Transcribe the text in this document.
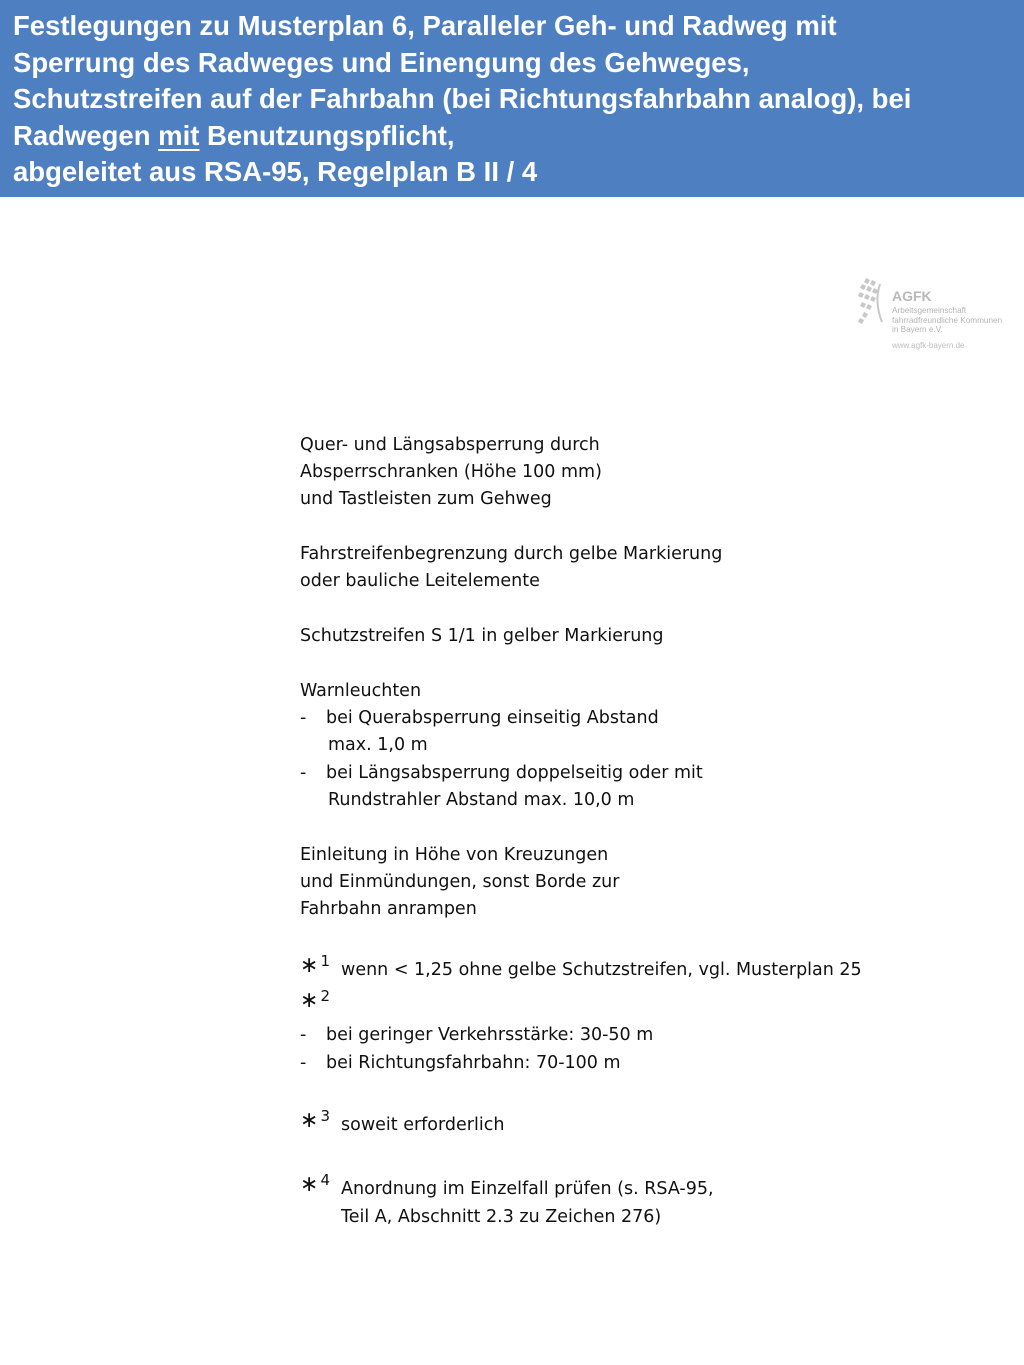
Festlegungen zu Musterplan 6, Paralleler Geh- und Radweg mit
Sperrung des Radweges und Einengung des Gehweges,
Schutzstreifen auf der Fahrbahn (bei Richtungsfahrbahn analog), bei
Radwegen mit Benutzungspflicht,
abgeleitet aus RSA-95, Regelplan B II / 4
AGFK
Arbeitsgemeinschaft
fahrradfreundliche Kommunen
in Bayern e.V.
www.agfk-bayern.de
Quer- und Längsabsperrung durch
Absperrschranken (Höhe 100 mm)
und Tastleisten zum Gehweg
Fahrstreifenbegrenzung durch gelbe Markierung
oder bauliche Leitelemente
Schutzstreifen S 1/1 in gelber Markierung
Warnleuchten
- bei Querabsperrung einseitig Abstand
max. 1,0 m
- bei Längsabsperrung doppelseitig oder mit
Rundstrahler Abstand max. 10,0 m
Einleitung in Höhe von Kreuzungen
und Einmündungen, sonst Borde zur
Fahrbahn anrampen
∗ $^1$ wenn < 1,25 ohne gelbe Schutzstreifen, vgl. Musterplan 25
∗ $^2$
- bei geringer Verkehrsstärke: 30-50 m
- bei Richtungsfahrbahn: 70-100 m
∗ $^3$ soweit erforderlich
∗ $^4$ Anordnung im Einzelfall prüfen (s. RSA-95,
Teil A, Abschnitt 2.3 zu Zeichen 276)
